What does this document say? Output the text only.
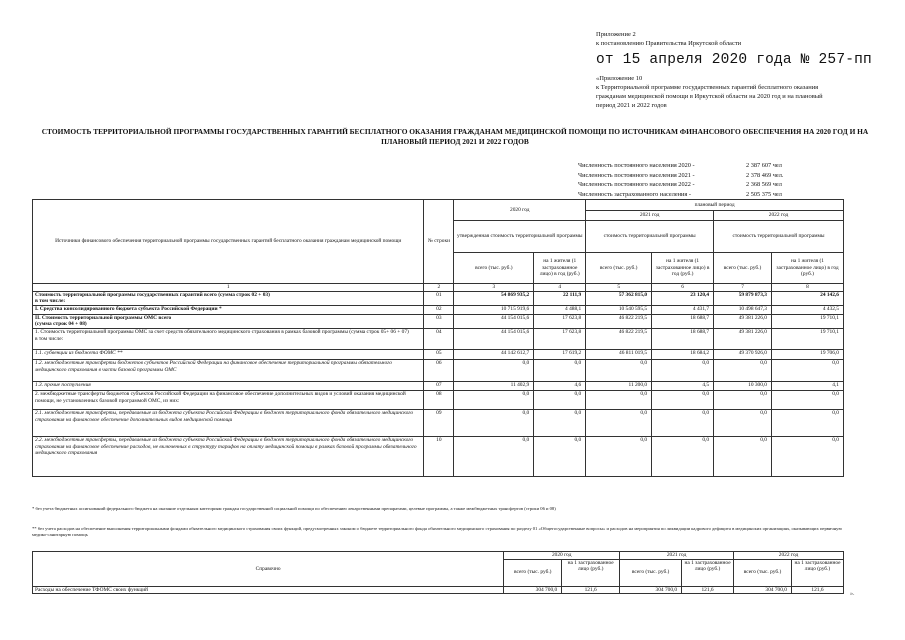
Приложение 2
к постановлению Правительства Иркутской области
от 15 апреля 2020 года № 257-пп
«Приложение 10
к Территориальной программе государственных гарантий бесплатного оказания гражданам медицинской помощи в Иркутской области на 2020 год и на плановый период 2021 и 2022 годов
СТОИМОСТЬ ТЕРРИТОРИАЛЬНОЙ ПРОГРАММЫ ГОСУДАРСТВЕННЫХ ГАРАНТИЙ БЕСПЛАТНОГО ОКАЗАНИЯ ГРАЖДАНАМ МЕДИЦИНСКОЙ ПОМОЩИ ПО ИСТОЧНИКАМ ФИНАНСОВОГО ОБЕСПЕЧЕНИЯ НА 2020 ГОД И НА ПЛАНОВЫЙ ПЕРИОД 2021 И 2022 ГОДОВ
Численность постоянного населения 2020 -	2 387 607 чел
Численность постоянного населения 2021 -	2 378 469 чел.
Численность постоянного населения 2022 -	2 368 569 чел
Численность застрахованного населения -	2 505 375 чел
Источники финансового обеспечения территориальной программы государственных гарантий бесплатного оказания гражданам медицинской помощи	№ строки	2020 год		плановый период			
				2021 год		2022 год	
		утвержденная стоимость территориальной программы		стоимость территориальной программы		стоимость территориальной программы	
		всего (тыс. руб.)	на 1 жителя (1 застрахованное лицо) в год (руб.)	всего (тыс. руб.)	на 1 жителя (1 застрахованное лицо) в год (руб.)	всего (тыс. руб.)	на 1 жителя (1 застрахованное лицо) в год (руб.)
1	2	3	4	5	6	7	8
Стоимость территориальной программы государственных гарантий всего (сумма строк 02 + 03)
в том числе:	01	54 869 935,2	22 111,9	57 362 815,0	23 120,4	59 879 873,3	24 142,6
I. Средства консолидированного бюджета субъекта Российской Федерации *	02	10 715 919,6	4 488,1	10 540 595,5	4 431,7	10 498 647,3	4 432,5
II. Стоимость территориальной программы ОМС всего
(сумма строк 04 + 08)	03	44 154 015,6	17 623,8	46 822 219,5	18 688,7	49 381 226,0	19 710,1
1. Стоимость территориальной программы ОМС за счет средств обязательного медицинского страхования в рамках базовой программы (сумма строк 05+ 06 + 07)
в том числе:	04	44 154 015,6	17 623,8	46 822 219,5	18 688,7	49 381 226,0	19 710,1
1.1. субвенции из бюджета ФОМС **	05	44 142 612,7	17 619,2	46 811 019,5	18 684,2	49 370 926,0	19 706,0
1.2. межбюджетные трансферты бюджетов субъектов Российской Федерации на финансовое обеспечение территориальной программы обязательного медицинского страхования в части базовой программы ОМС	06	0,0	0,0	0,0	0,0	0,0	0,0
1.3. прочие поступления	07	11 402,9	4,6	11 200,0	4,5	10 300,0	4,1
2. межбюджетные трансферты бюджетов субъектов Российской Федерации на финансовое обеспечение дополнительных видов и условий оказания медицинской помощи, не установленных базовой программой ОМС, из них:	08	0,0	0,0	0,0	0,0	0,0	0,0
2.1. межбюджетные трансферты, передаваемые из бюджета субъекта Российской Федерации в бюджет территориального фонда обязательного медицинского страхования на финансовое обеспечение дополнительных видов медицинской помощи	09	0,0	0,0	0,0	0,0	0,0	0,0
2.2. межбюджетные трансферты, передаваемые из бюджета субъекта Российской Федерации в бюджет территориального фонда обязательного медицинского страхования на финансовое обеспечение расходов, не включенных в структуру тарифов на оплату медицинской помощи в рамках базовой программы обязательного медицинского страхования	10	0,0	0,0	0,0	0,0	0,0	0,0
* без учета бюджетных ассигнований федерального бюджета на оказание отдельным категориям граждан государственной социальной помощи по обеспечению лекарственными препаратами, целевые программы, а также межбюджетных трансфертов (строки 06 и 08)
** без учета расходов на обеспечение выполнения территориальными фондами обязательного медицинского страхования своих функций, предусмотренных законом о бюджете территориального фонда обязательного медицинского страхования по разделу 01 «Общегосударственные вопросы» и расходов на мероприятия по ликвидации кадрового дефицита в медицинских организациях, оказывающих первичную медико-санитарную помощь
Справочно	2020 год		2021 год		2022 год	
	всего (тыс. руб.)	на 1 застрахованное лицо (руб.)	всего (тыс. руб.)	на 1 застрахованное лицо (руб.)	всего (тыс. руб.)	на 1 застрахованное лицо (руб.)
Расходы на обеспечение ТФОМС своих функций	304 700,0	121,6	304 700,0	121,6	304 700,0	121,6
».
